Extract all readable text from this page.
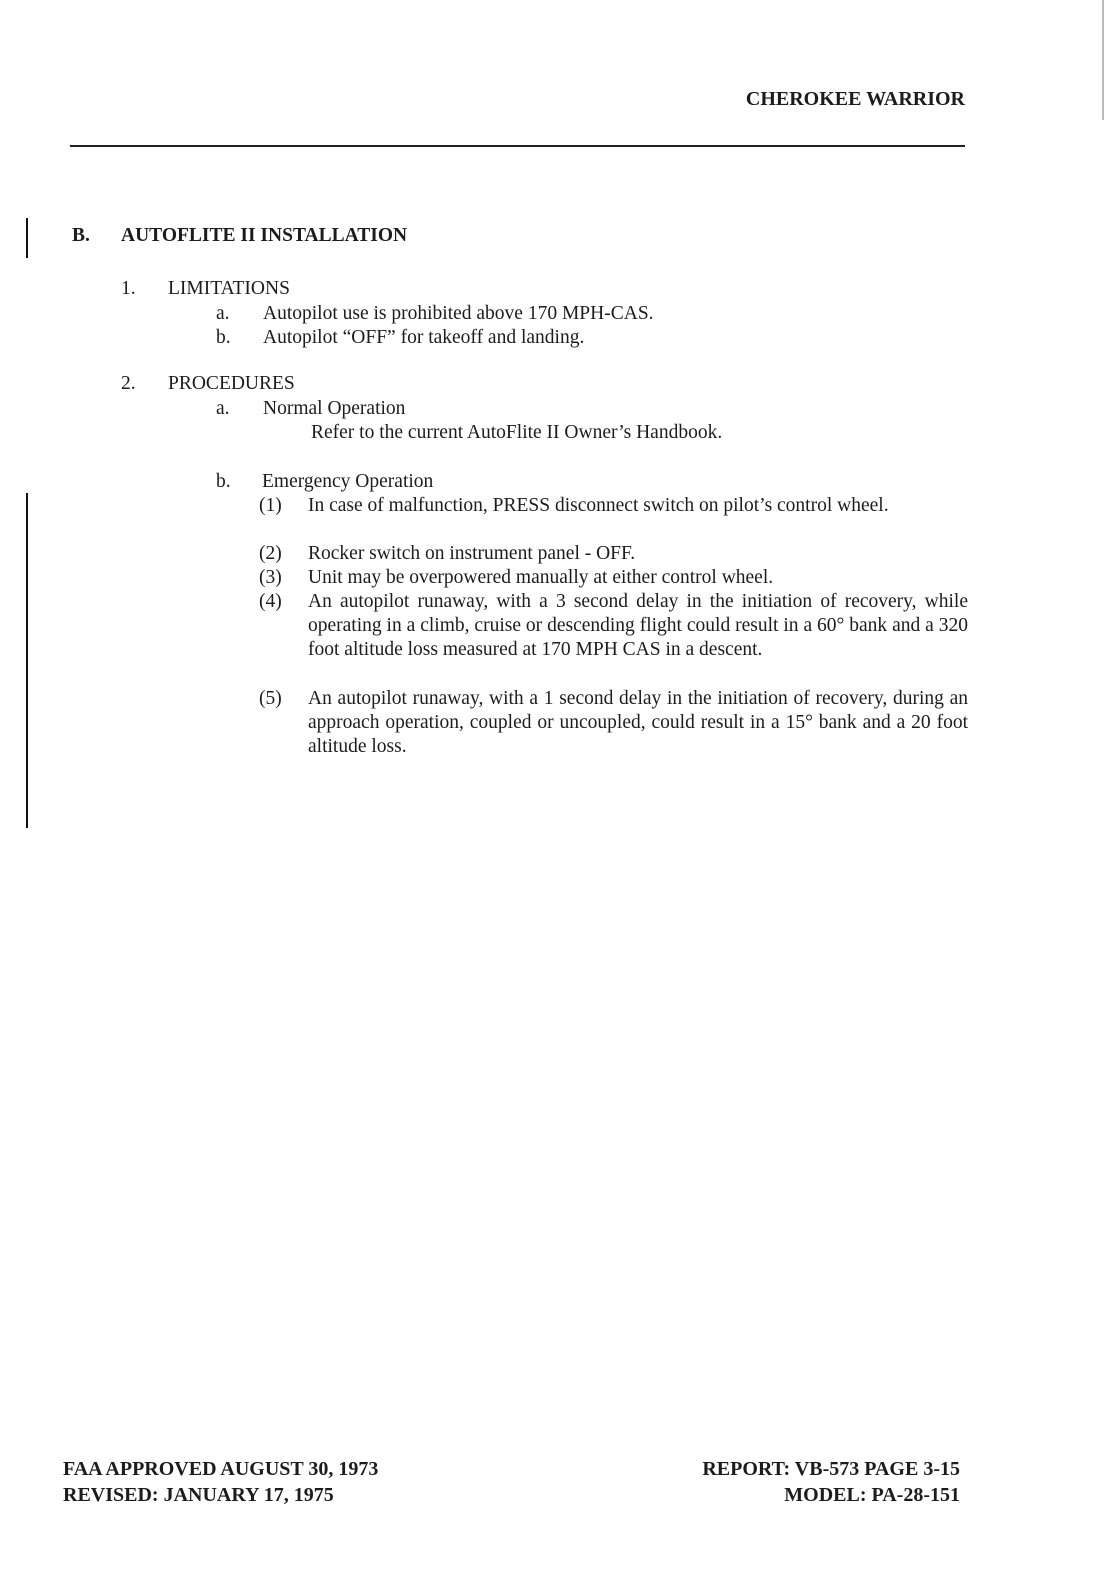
CHEROKEE WARRIOR
B. AUTOFLITE II INSTALLATION
1. LIMITATIONS
a. Autopilot use is prohibited above 170 MPH-CAS.
b. Autopilot “OFF” for takeoff and landing.
2. PROCEDURES
a. Normal Operation
Refer to the current AutoFlite II Owner’s Handbook.
b. Emergency Operation
(1) In case of malfunction, PRESS disconnect switch on pilot’s control wheel.
(2) Rocker switch on instrument panel - OFF.
(3) Unit may be overpowered manually at either control wheel.
(4) An autopilot runaway, with a 3 second delay in the initiation of recovery, while operating in a climb, cruise or descending flight could result in a 60° bank and a 320 foot altitude loss measured at 170 MPH CAS in a descent.
(5) An autopilot runaway, with a 1 second delay in the initiation of recovery, during an approach operation, coupled or uncoupled, could result in a 15° bank and a 20 foot altitude loss.
FAA APPROVED AUGUST 30, 1973
REVISED: JANUARY 17, 1975
REPORT: VB-573 PAGE 3-15
MODEL: PA-28-151
